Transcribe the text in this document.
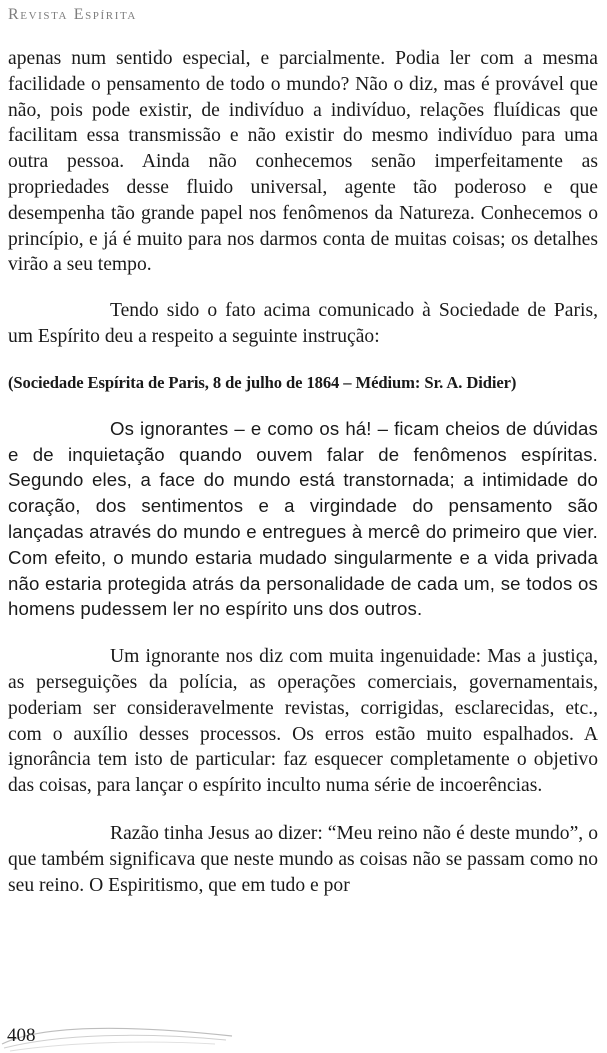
Revista Espírita

apenas num sentido especial, e parcialmente. Podia ler com a mesma facilidade o pensamento de todo o mundo? Não o diz, mas é provável que não, pois pode existir, de indivíduo a indivíduo, relações fluídicas que facilitam essa transmissão e não existir do mesmo indivíduo para uma outra pessoa. Ainda não conhecemos senão imperfeitamente as propriedades desse fluido universal, agente tão poderoso e que desempenha tão grande papel nos fenômenos da Natureza. Conhecemos o princípio, e já é muito para nos darmos conta de muitas coisas; os detalhes virão a seu tempo.

Tendo sido o fato acima comunicado à Sociedade de Paris, um Espírito deu a respeito a seguinte instrução:

(Sociedade Espírita de Paris, 8 de julho de 1864 – Médium: Sr. A. Didier)

Os ignorantes – e como os há! – ficam cheios de dúvidas e de inquietação quando ouvem falar de fenômenos espíritas. Segundo eles, a face do mundo está transtornada; a intimidade do coração, dos sentimentos e a virgindade do pensamento são lançadas através do mundo e entregues à mercê do primeiro que vier. Com efeito, o mundo estaria mudado singularmente e a vida privada não estaria protegida atrás da personalidade de cada um, se todos os homens pudessem ler no espírito uns dos outros.

Um ignorante nos diz com muita ingenuidade: Mas a justiça, as perseguições da polícia, as operações comerciais, governamentais, poderiam ser consideravelmente revistas, corrigidas, esclarecidas, etc., com o auxílio desses processos. Os erros estão muito espalhados. A ignorância tem isto de particular: faz esquecer completamente o objetivo das coisas, para lançar o espírito inculto numa série de incoerências.

Razão tinha Jesus ao dizer: “Meu reino não é deste mundo”, o que também significava que neste mundo as coisas não se passam como no seu reino. O Espiritismo, que em tudo e por

408
